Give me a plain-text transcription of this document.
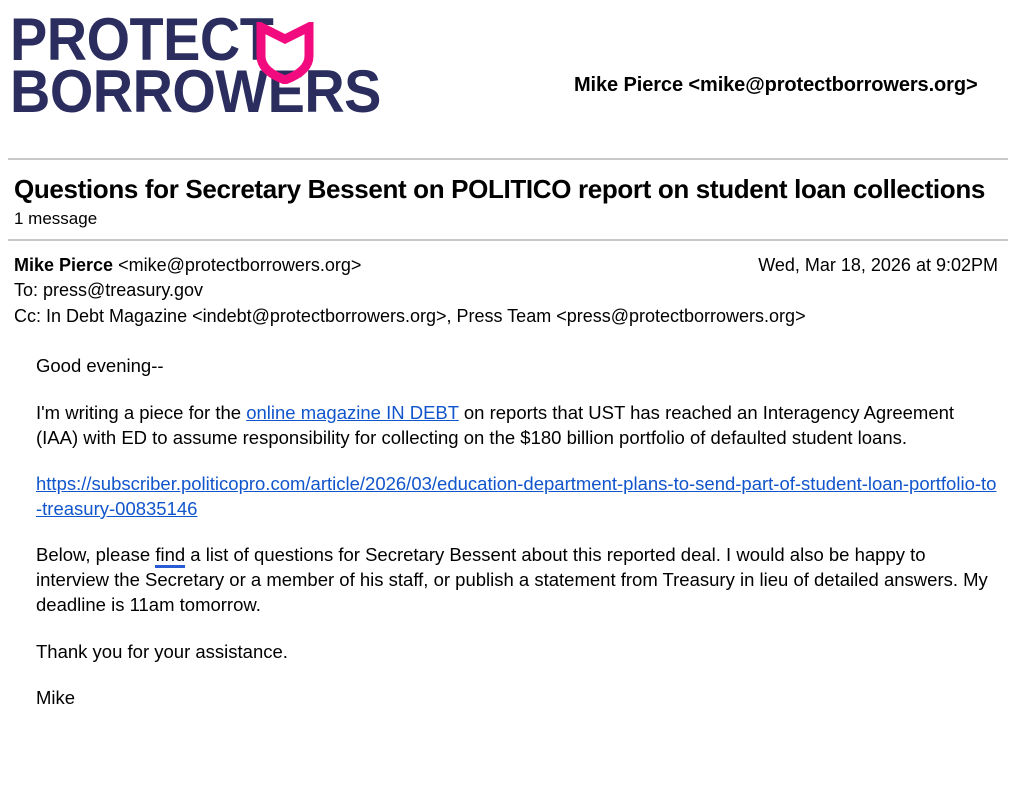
PROTECT
BORROWERS	Mike Pierce <mike@protectborrowers.org>
Questions for Secretary Bessent on POLITICO report on student loan collections

1 message

Mike Pierce <mike@protectborrowers.org>	Wed, Mar 18, 2026 at 9:02PM
To: press@treasury.gov
Cc: In Debt Magazine <indebt@protectborrowers.org>, Press Team <press@protectborrowers.org>

Good evening--

I'm writing a piece for the online magazine IN DEBT on reports that UST has reached an Interagency Agreement (IAA) with ED to assume responsibility for collecting on the $180 billion portfolio of defaulted student loans.

https://subscriber.politicopro.com/article/2026/03/education-department-plans-to-send-part-of-student-loan-portfolio-to-treasury-00835146

Below, please find a list of questions for Secretary Bessent about this reported deal. I would also be happy to interview the Secretary or a member of his staff, or publish a statement from Treasury in lieu of detailed answers. My deadline is 11am tomorrow.

Thank you for your assistance.

Mike
